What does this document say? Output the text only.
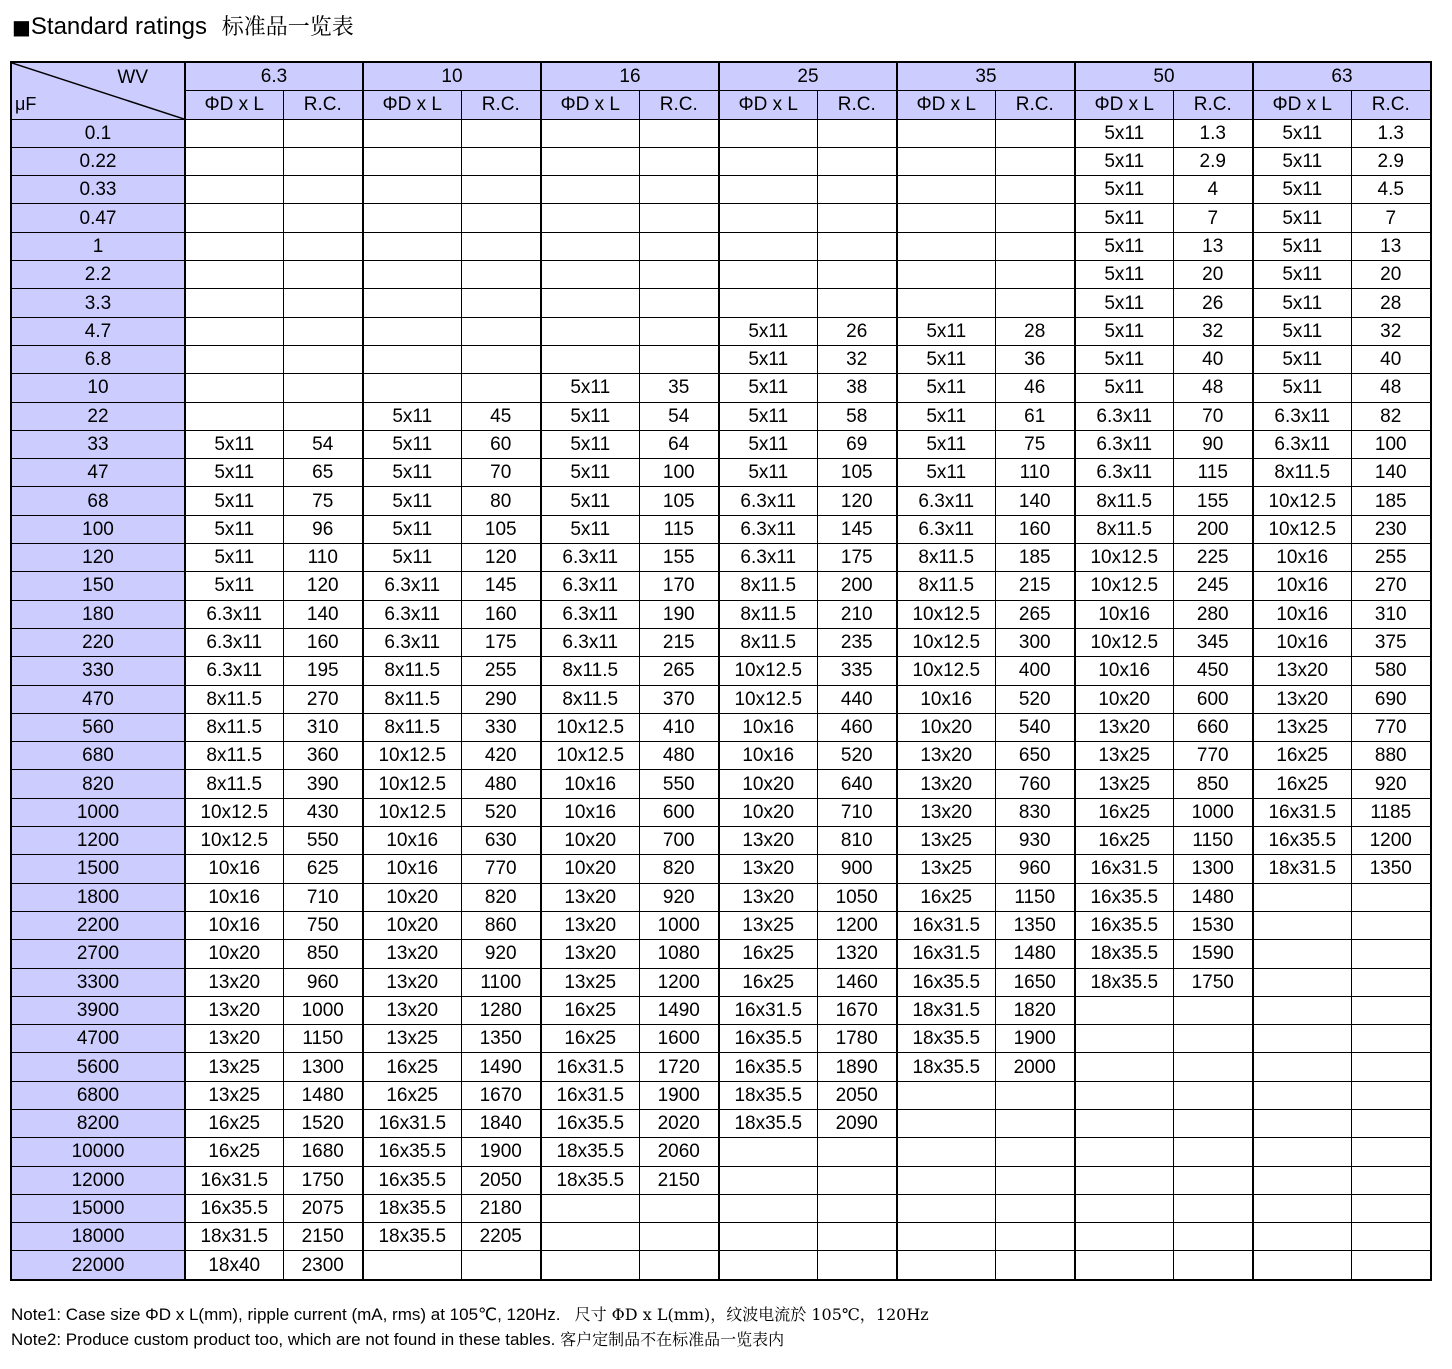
■Standard ratings 标准品一览表
WV
μF	6.3		10		16		25		35		50		63	
	ΦD x L	R.C.	ΦD x L	R.C.	ΦD x L	R.C.	ΦD x L	R.C.	ΦD x L	R.C.	ΦD x L	R.C.	ΦD x L	R.C.
0.1											5x11	1.3	5x11	1.3
0.22											5x11	2.9	5x11	2.9
0.33											5x11	4	5x11	4.5
0.47											5x11	7	5x11	7
1											5x11	13	5x11	13
2.2											5x11	20	5x11	20
3.3											5x11	26	5x11	28
4.7							5x11	26	5x11	28	5x11	32	5x11	32
6.8							5x11	32	5x11	36	5x11	40	5x11	40
10					5x11	35	5x11	38	5x11	46	5x11	48	5x11	48
22			5x11	45	5x11	54	5x11	58	5x11	61	6.3x11	70	6.3x11	82
33	5x11	54	5x11	60	5x11	64	5x11	69	5x11	75	6.3x11	90	6.3x11	100
47	5x11	65	5x11	70	5x11	100	5x11	105	5x11	110	6.3x11	115	8x11.5	140
68	5x11	75	5x11	80	5x11	105	6.3x11	120	6.3x11	140	8x11.5	155	10x12.5	185
100	5x11	96	5x11	105	5x11	115	6.3x11	145	6.3x11	160	8x11.5	200	10x12.5	230
120	5x11	110	5x11	120	6.3x11	155	6.3x11	175	8x11.5	185	10x12.5	225	10x16	255
150	5x11	120	6.3x11	145	6.3x11	170	8x11.5	200	8x11.5	215	10x12.5	245	10x16	270
180	6.3x11	140	6.3x11	160	6.3x11	190	8x11.5	210	10x12.5	265	10x16	280	10x16	310
220	6.3x11	160	6.3x11	175	6.3x11	215	8x11.5	235	10x12.5	300	10x12.5	345	10x16	375
330	6.3x11	195	8x11.5	255	8x11.5	265	10x12.5	335	10x12.5	400	10x16	450	13x20	580
470	8x11.5	270	8x11.5	290	8x11.5	370	10x12.5	440	10x16	520	10x20	600	13x20	690
560	8x11.5	310	8x11.5	330	10x12.5	410	10x16	460	10x20	540	13x20	660	13x25	770
680	8x11.5	360	10x12.5	420	10x12.5	480	10x16	520	13x20	650	13x25	770	16x25	880
820	8x11.5	390	10x12.5	480	10x16	550	10x20	640	13x20	760	13x25	850	16x25	920
1000	10x12.5	430	10x12.5	520	10x16	600	10x20	710	13x20	830	16x25	1000	16x31.5	1185
1200	10x12.5	550	10x16	630	10x20	700	13x20	810	13x25	930	16x25	1150	16x35.5	1200
1500	10x16	625	10x16	770	10x20	820	13x20	900	13x25	960	16x31.5	1300	18x31.5	1350
1800	10x16	710	10x20	820	13x20	920	13x20	1050	16x25	1150	16x35.5	1480		
2200	10x16	750	10x20	860	13x20	1000	13x25	1200	16x31.5	1350	16x35.5	1530		
2700	10x20	850	13x20	920	13x20	1080	16x25	1320	16x31.5	1480	18x35.5	1590		
3300	13x20	960	13x20	1100	13x25	1200	16x25	1460	16x35.5	1650	18x35.5	1750		
3900	13x20	1000	13x20	1280	16x25	1490	16x31.5	1670	18x31.5	1820				
4700	13x20	1150	13x25	1350	16x25	1600	16x35.5	1780	18x35.5	1900				
5600	13x25	1300	16x25	1490	16x31.5	1720	16x35.5	1890	18x35.5	2000				
6800	13x25	1480	16x25	1670	16x31.5	1900	18x35.5	2050						
8200	16x25	1520	16x31.5	1840	16x35.5	2020	18x35.5	2090						
10000	16x25	1680	16x35.5	1900	18x35.5	2060								
12000	16x31.5	1750	16x35.5	2050	18x35.5	2150								
15000	16x35.5	2075	18x35.5	2180										
18000	18x31.5	2150	18x35.5	2205										
22000	18x40	2300												
Note1: Case size ΦD x L(mm), ripple current (mA, rms) at 105℃, 120Hz. 尺寸 ΦD x L(mm)，纹波电流於 105℃，120Hz
Note2: Produce custom product too, which are not found in these tables. 客户定制品不在标准品一览表内
